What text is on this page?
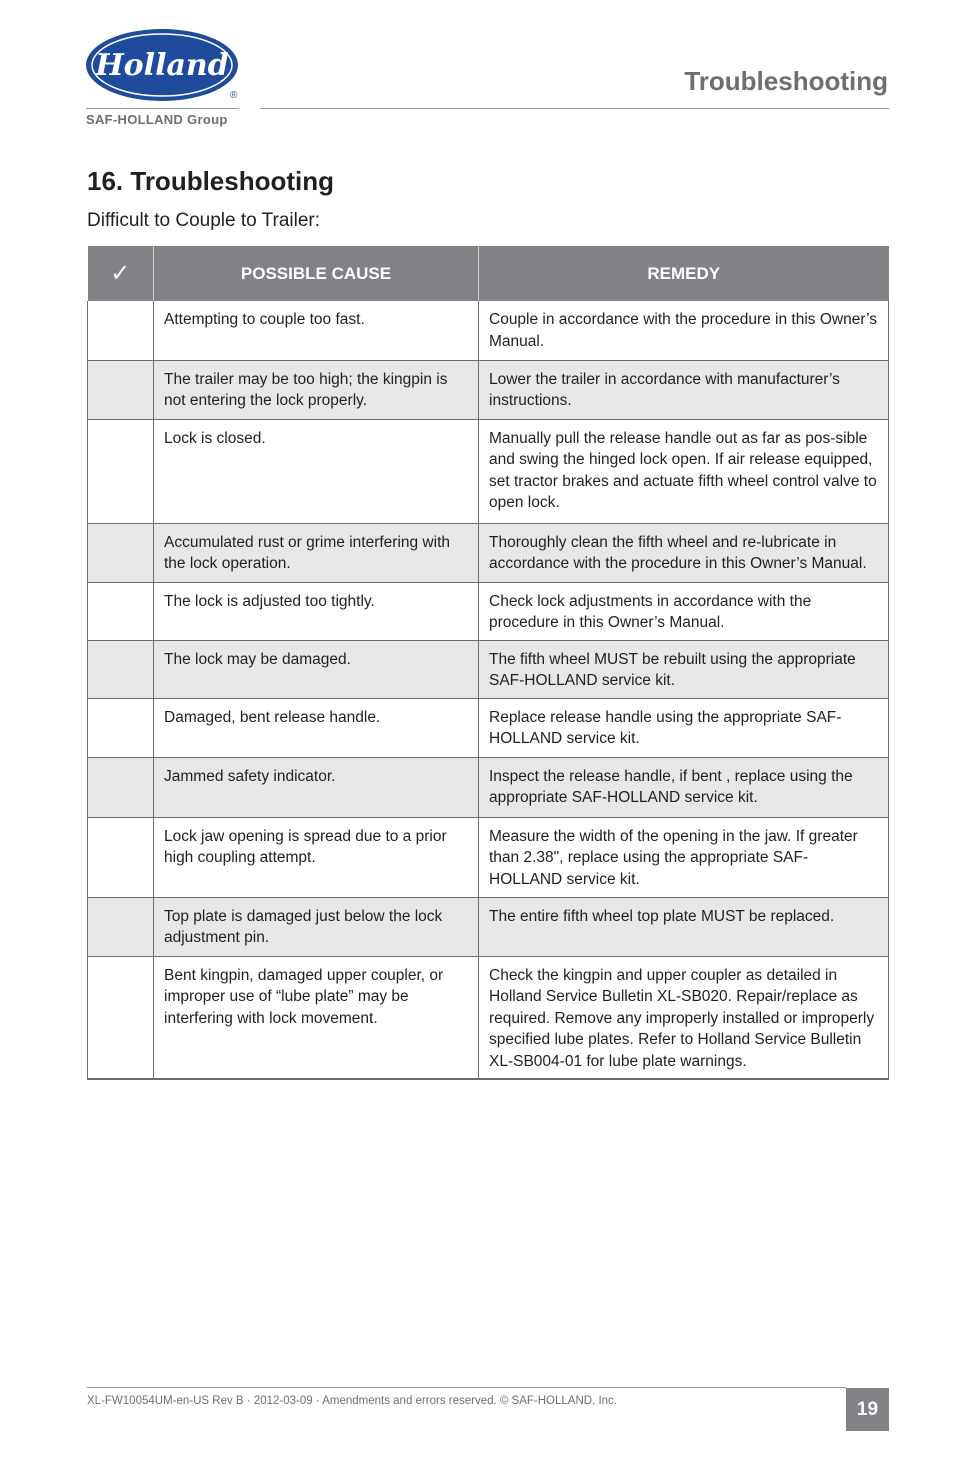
Holland
®
SAF-HOLLAND Group
Troubleshooting
16. Troubleshooting
Difficult to Couple to Trailer:
✓	POSSIBLE CAUSE	REMEDY
	Attempting to couple too fast.	Couple in accordance with the procedure in this Owner’s Manual.
	The trailer may be too high; the kingpin is not entering the lock properly.	Lower the trailer in accordance with manufacturer’s instructions.
	Lock is closed.	Manually pull the release handle out as far as pos-sible and swing the hinged lock open. If air release equipped, set tractor brakes and actuate fifth wheel control valve to open lock.
	Accumulated rust or grime interfering with the lock operation.	Thoroughly clean the fifth wheel and re-lubricate in accordance with the procedure in this Owner’s Manual.
	The lock is adjusted too tightly.	Check lock adjustments in accordance with the procedure in this Owner’s Manual.
	The lock may be damaged.	The fifth wheel MUST be rebuilt using the appropriate SAF-HOLLAND service kit.
	Damaged, bent release handle.	Replace release handle using the appropriate SAF-HOLLAND service kit.
	Jammed safety indicator.	Inspect the release handle, if bent , replace using the appropriate SAF-HOLLAND service kit.
	Lock jaw opening is spread due to a prior high coupling attempt.	Measure the width of the opening in the jaw. If greater than 2.38", replace using the appropriate SAF-HOLLAND service kit.
	Top plate is damaged just below the lock adjustment pin.	The entire fifth wheel top plate MUST be replaced.
	Bent kingpin, damaged upper coupler, or improper use of “lube plate” may be interfering with lock movement.	Check the kingpin and upper coupler as detailed in Holland Service Bulletin XL-SB020. Repair/replace as required. Remove any improperly installed or improperly specified lube plates. Refer to Holland Service Bulletin XL-SB004-01 for lube plate warnings.
XL-FW10054UM-en-US Rev B · 2012-03-09 · Amendments and errors reserved. © SAF-HOLLAND, Inc.	19
